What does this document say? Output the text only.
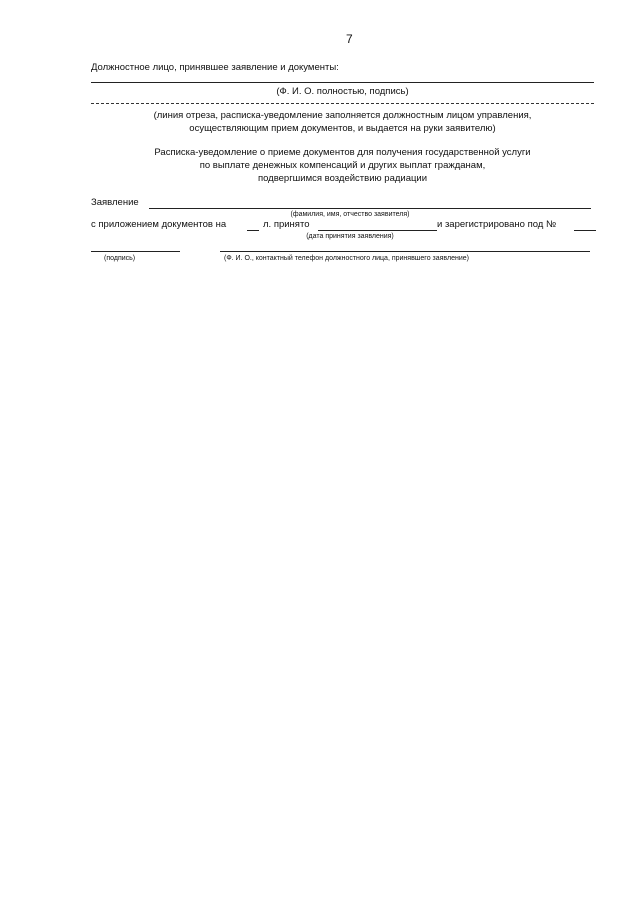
7
Должностное лицо, принявшее заявление и документы:
(Ф. И. О. полностью, подпись)
(линия отреза, расписка-уведомление заполняется должностным лицом управления,
осуществляющим прием документов, и выдается на руки заявителю)
Расписка-уведомление о приеме документов для получения государственной услуги
по выплате денежных компенсаций и других выплат гражданам,
подвергшимся воздействию радиации
Заявление
(фамилия, имя, отчество заявителя)
с приложением документов на	л. принято	и зарегистрировано под №
(дата принятия заявления)
(подпись)	(Ф. И. О., контактный телефон должностного лица, принявшего заявление)
